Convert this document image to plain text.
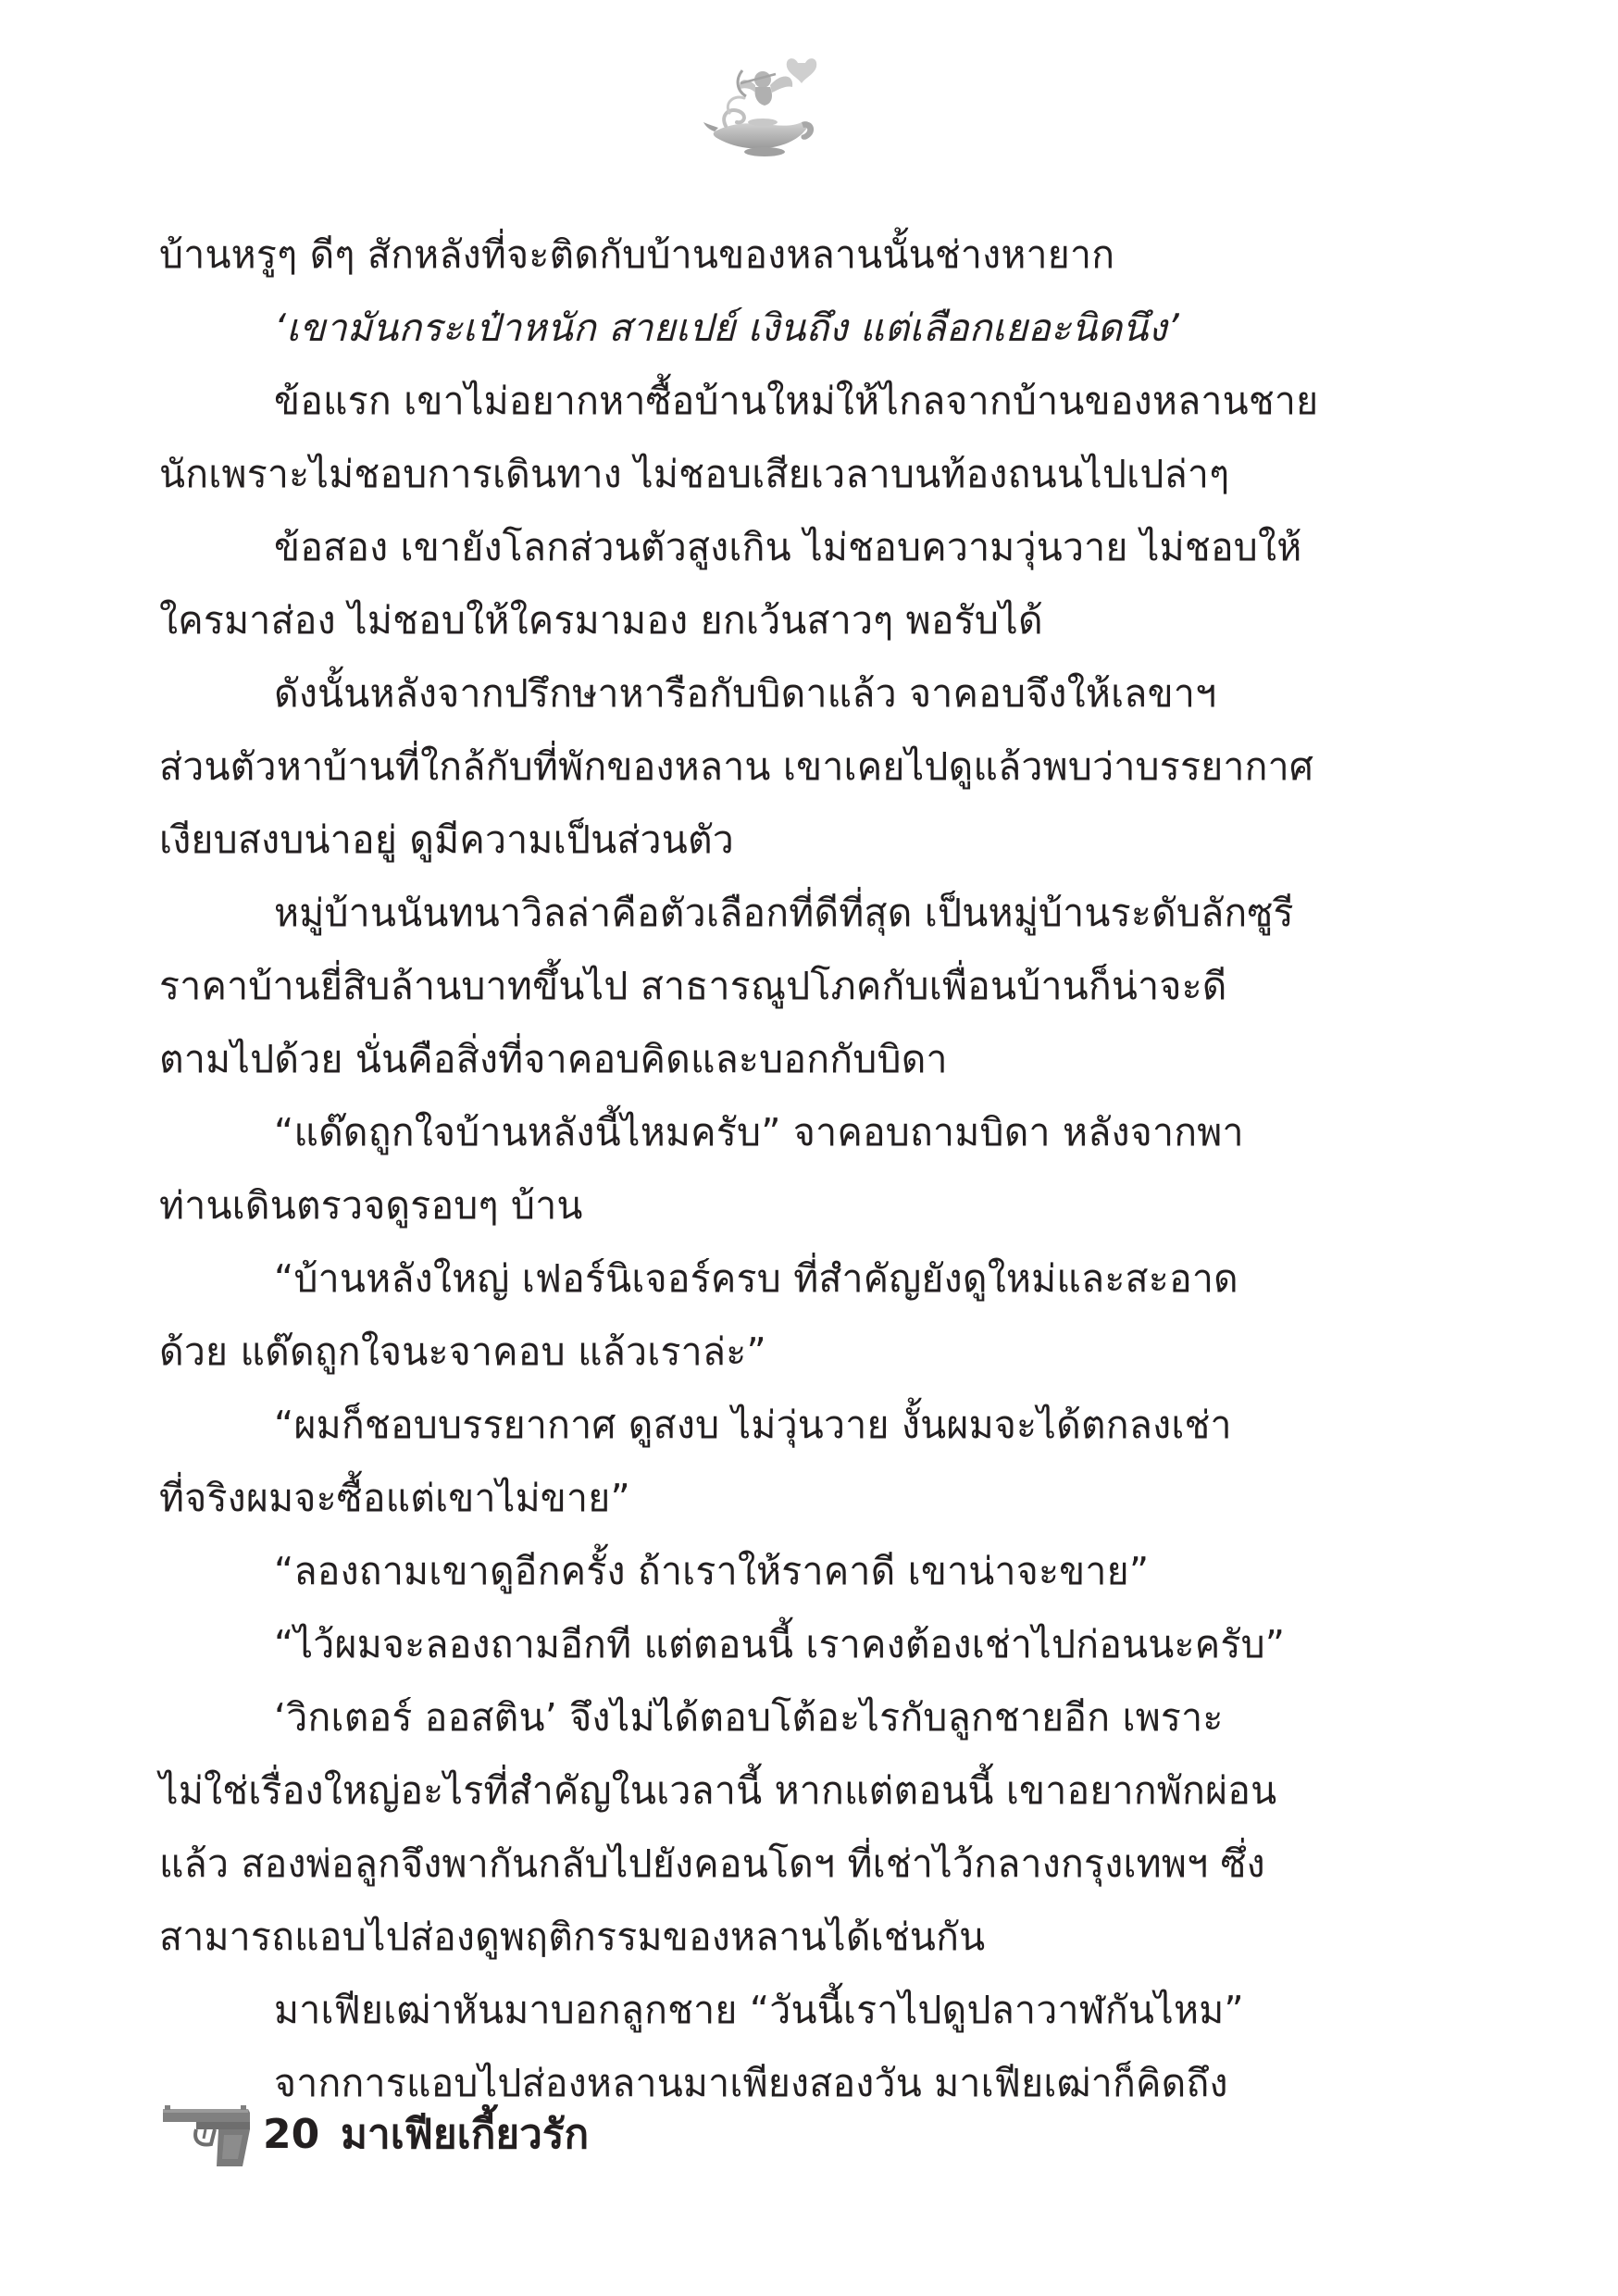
บ้านหรูๆ ดีๆ สักหลังที่จะติดกับบ้านของหลานนั้นช่างหายาก
‘เขามันกระเป๋าหนัก สายเปย์ เงินถึง แต่เลือกเยอะนิดนึง’
ข้อแรก เขาไม่อยากหาซื้อบ้านใหม่ให้ไกลจากบ้านของหลานชาย
นักเพราะไม่ชอบการเดินทาง ไม่ชอบเสียเวลาบนท้องถนนไปเปล่าๆ
ข้อสอง เขายังโลกส่วนตัวสูงเกิน ไม่ชอบความวุ่นวาย ไม่ชอบให้
ใครมาส่อง ไม่ชอบให้ใครมามอง ยกเว้นสาวๆ พอรับได้
ดังนั้นหลังจากปรึกษาหารือกับบิดาแล้ว จาคอบจึงให้เลขาฯ
ส่วนตัวหาบ้านที่ใกล้กับที่พักของหลาน เขาเคยไปดูแล้วพบว่าบรรยากาศ
เงียบสงบน่าอยู่ ดูมีความเป็นส่วนตัว
หมู่บ้านนันทนาวิลล่าคือตัวเลือกที่ดีที่สุด เป็นหมู่บ้านระดับลักซูรี
ราคาบ้านยี่สิบล้านบาทขึ้นไป สาธารณูปโภคกับเพื่อนบ้านก็น่าจะดี
ตามไปด้วย นั่นคือสิ่งที่จาคอบคิดและบอกกับบิดา
“แด๊ดถูกใจบ้านหลังนี้ไหมครับ” จาคอบถามบิดา หลังจากพา
ท่านเดินตรวจดูรอบๆ บ้าน
“บ้านหลังใหญ่ เฟอร์นิเจอร์ครบ ที่สำคัญยังดูใหม่และสะอาด
ด้วย แด๊ดถูกใจนะจาคอบ แล้วเราล่ะ”
“ผมก็ชอบบรรยากาศ ดูสงบ ไม่วุ่นวาย งั้นผมจะได้ตกลงเช่า
ที่จริงผมจะซื้อแต่เขาไม่ขาย”
“ลองถามเขาดูอีกครั้ง ถ้าเราให้ราคาดี เขาน่าจะขาย”
“ไว้ผมจะลองถามอีกที แต่ตอนนี้ เราคงต้องเช่าไปก่อนนะครับ”
‘วิกเตอร์ ออสติน’ จึงไม่ได้ตอบโต้อะไรกับลูกชายอีก เพราะ
ไม่ใช่เรื่องใหญ่อะไรที่สำคัญในเวลานี้ หากแต่ตอนนี้ เขาอยากพักผ่อน
แล้ว สองพ่อลูกจึงพากันกลับไปยังคอนโดฯ ที่เช่าไว้กลางกรุงเทพฯ ซึ่ง
สามารถแอบไปส่องดูพฤติกรรมของหลานได้เช่นกัน
มาเฟียเฒ่าหันมาบอกลูกชาย “วันนี้เราไปดูปลาวาฬกันไหม”
จากการแอบไปส่องหลานมาเพียงสองวัน มาเฟียเฒ่าก็คิดถึง
20 มาเฟียเกี้ยวรัก
